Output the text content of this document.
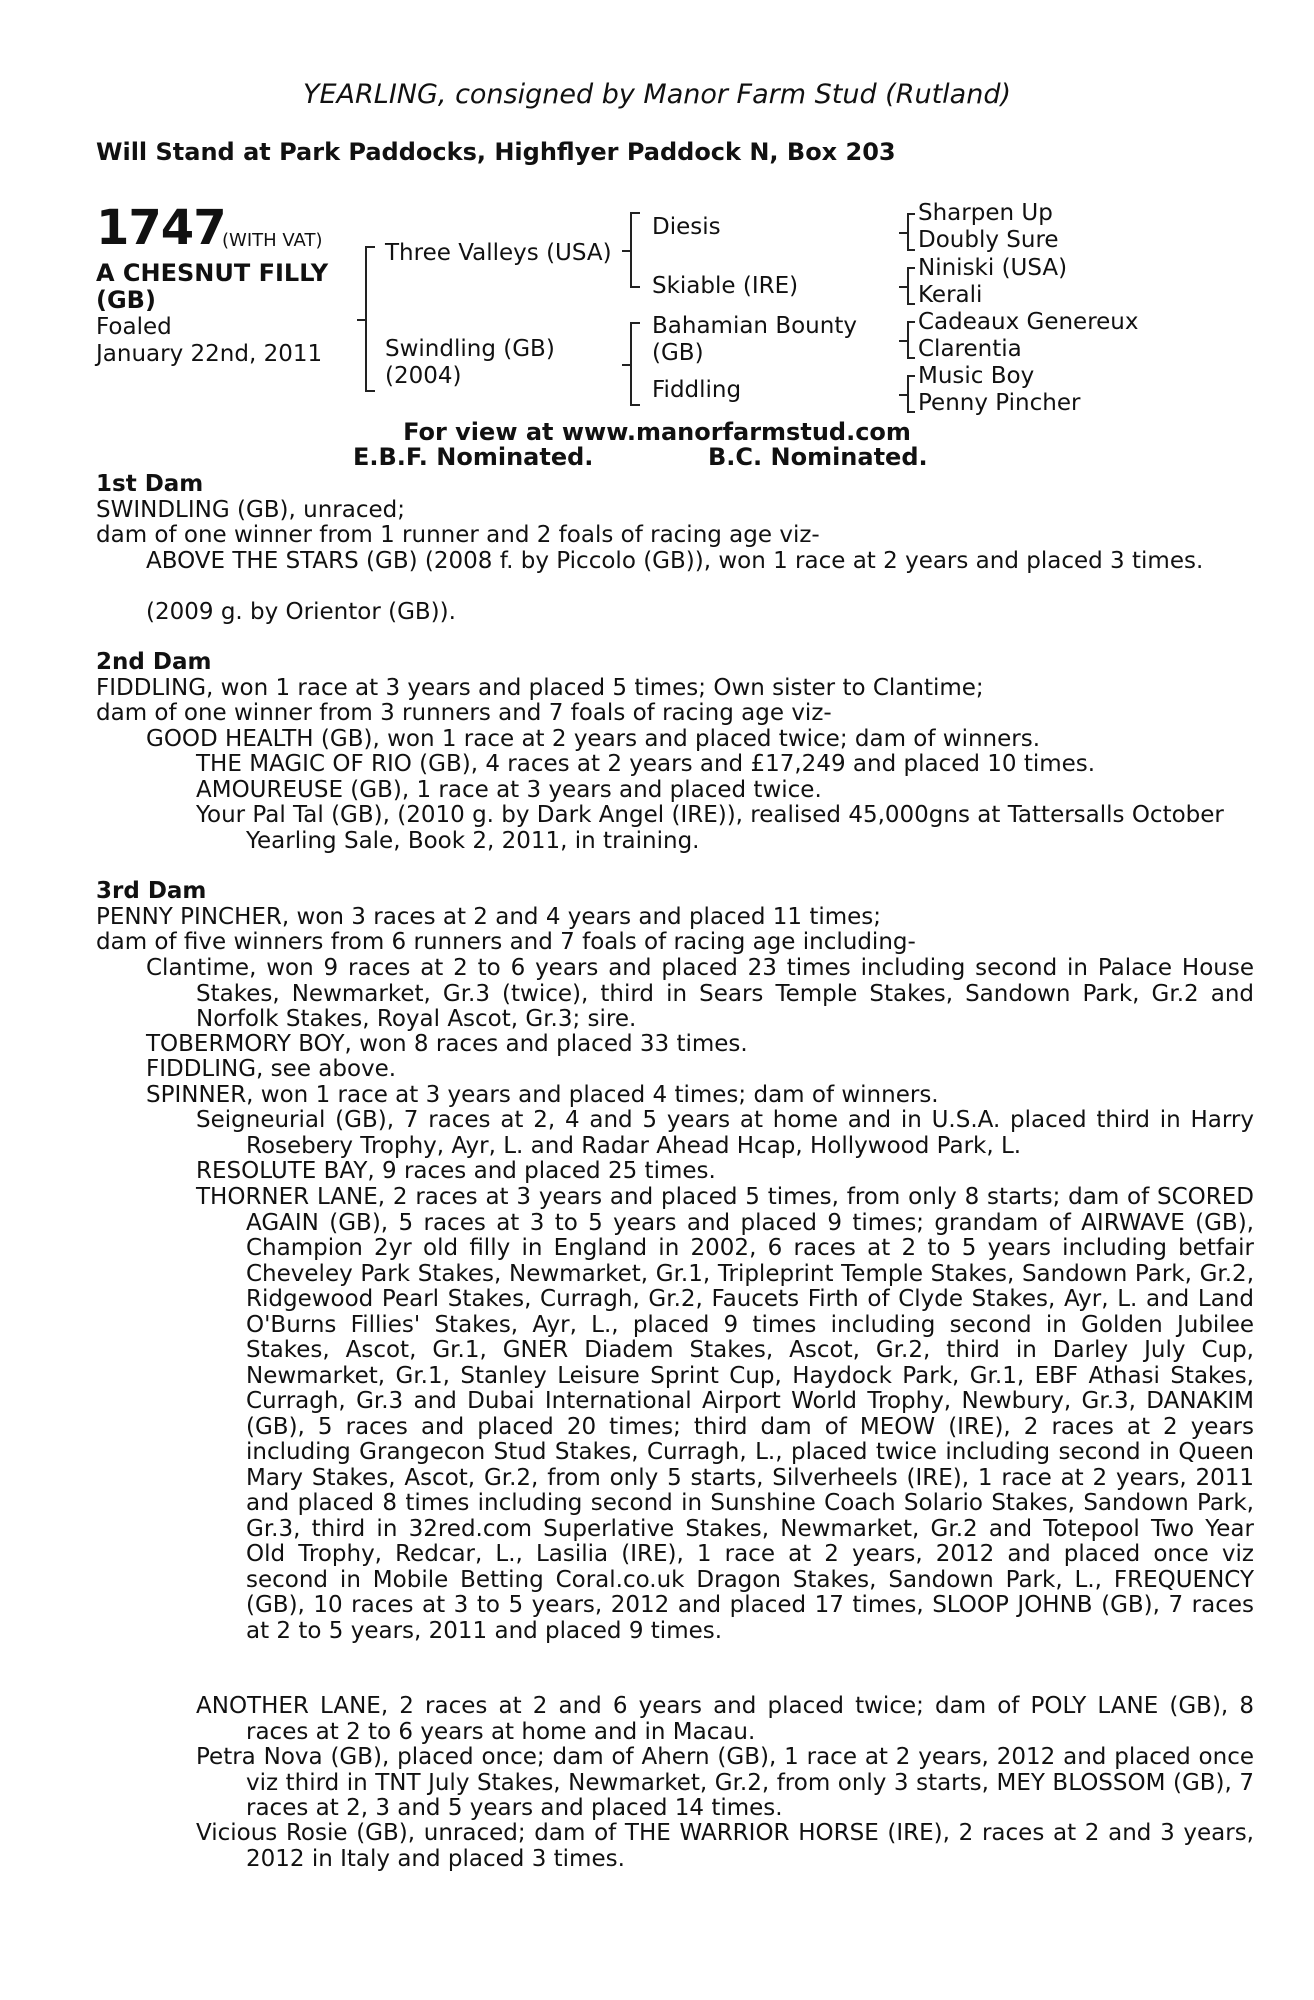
YEARLING, consigned by Manor Farm Stud (Rutland)
Will Stand at Park Paddocks, Highflyer Paddock N, Box 203
1747
(WITH VAT)
A CHESNUT FILLY
(GB)
Foaled
January 22nd, 2011
Three Valleys (USA)
Swindling (GB)
(2004)
Diesis
Skiable (IRE)
Bahamian Bounty
(GB)
Fiddling
Sharpen Up
Doubly Sure
Niniski (USA)
Kerali
Cadeaux Genereux
Clarentia
Music Boy
Penny Pincher
For view at www.manorfarmstud.com
E.B.F. Nominated.	B.C. Nominated.
1st Dam
SWINDLING (GB), unraced;
dam of one winner from 1 runner and 2 foals of racing age viz-
ABOVE THE STARS (GB) (2008 f. by Piccolo (GB)), won 1 race at 2 years and placed 3 times.
(2009 g. by Orientor (GB)).
2nd Dam
FIDDLING, won 1 race at 3 years and placed 5 times; Own sister to Clantime;
dam of one winner from 3 runners and 7 foals of racing age viz-
GOOD HEALTH (GB), won 1 race at 2 years and placed twice; dam of winners.
THE MAGIC OF RIO (GB), 4 races at 2 years and £17,249 and placed 10 times.
AMOUREUSE (GB), 1 race at 3 years and placed twice.
Your Pal Tal (GB), (2010 g. by Dark Angel (IRE)), realised 45,000gns at Tattersalls October Yearling Sale, Book 2, 2011, in training.
3rd Dam
PENNY PINCHER, won 3 races at 2 and 4 years and placed 11 times;
dam of five winners from 6 runners and 7 foals of racing age including-
Clantime, won 9 races at 2 to 6 years and placed 23 times including second in Palace House Stakes, Newmarket, Gr.3 (twice), third in Sears Temple Stakes, Sandown Park, Gr.2 and Norfolk Stakes, Royal Ascot, Gr.3; sire.
TOBERMORY BOY, won 8 races and placed 33 times.
FIDDLING, see above.
SPINNER, won 1 race at 3 years and placed 4 times; dam of winners.
Seigneurial (GB), 7 races at 2, 4 and 5 years at home and in U.S.A. placed third in Harry Rosebery Trophy, Ayr, L. and Radar Ahead Hcap, Hollywood Park, L.
RESOLUTE BAY, 9 races and placed 25 times.
THORNER LANE, 2 races at 3 years and placed 5 times, from only 8 starts; dam of SCORED AGAIN (GB), 5 races at 3 to 5 years and placed 9 times; grandam of AIRWAVE (GB), Champion 2yr old filly in England in 2002, 6 races at 2 to 5 years including betfair Cheveley Park Stakes, Newmarket, Gr.1, Tripleprint Temple Stakes, Sandown Park, Gr.2, Ridgewood Pearl Stakes, Curragh, Gr.2, Faucets Firth of Clyde Stakes, Ayr, L. and Land O'Burns Fillies' Stakes, Ayr, L., placed 9 times including second in Golden Jubilee Stakes, Ascot, Gr.1, GNER Diadem Stakes, Ascot, Gr.2, third in Darley July Cup, Newmarket, Gr.1, Stanley Leisure Sprint Cup, Haydock Park, Gr.1, EBF Athasi Stakes, Curragh, Gr.3 and Dubai International Airport World Trophy, Newbury, Gr.3, DANAKIM (GB), 5 races and placed 20 times; third dam of MEOW (IRE), 2 races at 2 years including Grangecon Stud Stakes, Curragh, L., placed twice including second in Queen Mary Stakes, Ascot, Gr.2, from only 5 starts, Silverheels (IRE), 1 race at 2 years, 2011 and placed 8 times including second in Sunshine Coach Solario Stakes, Sandown Park, Gr.3, third in 32red.com Superlative Stakes, Newmarket, Gr.2 and Totepool Two Year Old Trophy, Redcar, L., Lasilia (IRE), 1 race at 2 years, 2012 and placed once viz second in Mobile Betting Coral.co.uk Dragon Stakes, Sandown Park, L., FREQUENCY (GB), 10 races at 3 to 5 years, 2012 and placed 17 times, SLOOP JOHNB (GB), 7 races at 2 to 5 years, 2011 and placed 9 times.
ANOTHER LANE, 2 races at 2 and 6 years and placed twice; dam of POLY LANE (GB), 8 races at 2 to 6 years at home and in Macau.
Petra Nova (GB), placed once; dam of Ahern (GB), 1 race at 2 years, 2012 and placed once viz third in TNT July Stakes, Newmarket, Gr.2, from only 3 starts, MEY BLOSSOM (GB), 7 races at 2, 3 and 5 years and placed 14 times.
Vicious Rosie (GB), unraced; dam of THE WARRIOR HORSE (IRE), 2 races at 2 and 3 years, 2012 in Italy and placed 3 times.
